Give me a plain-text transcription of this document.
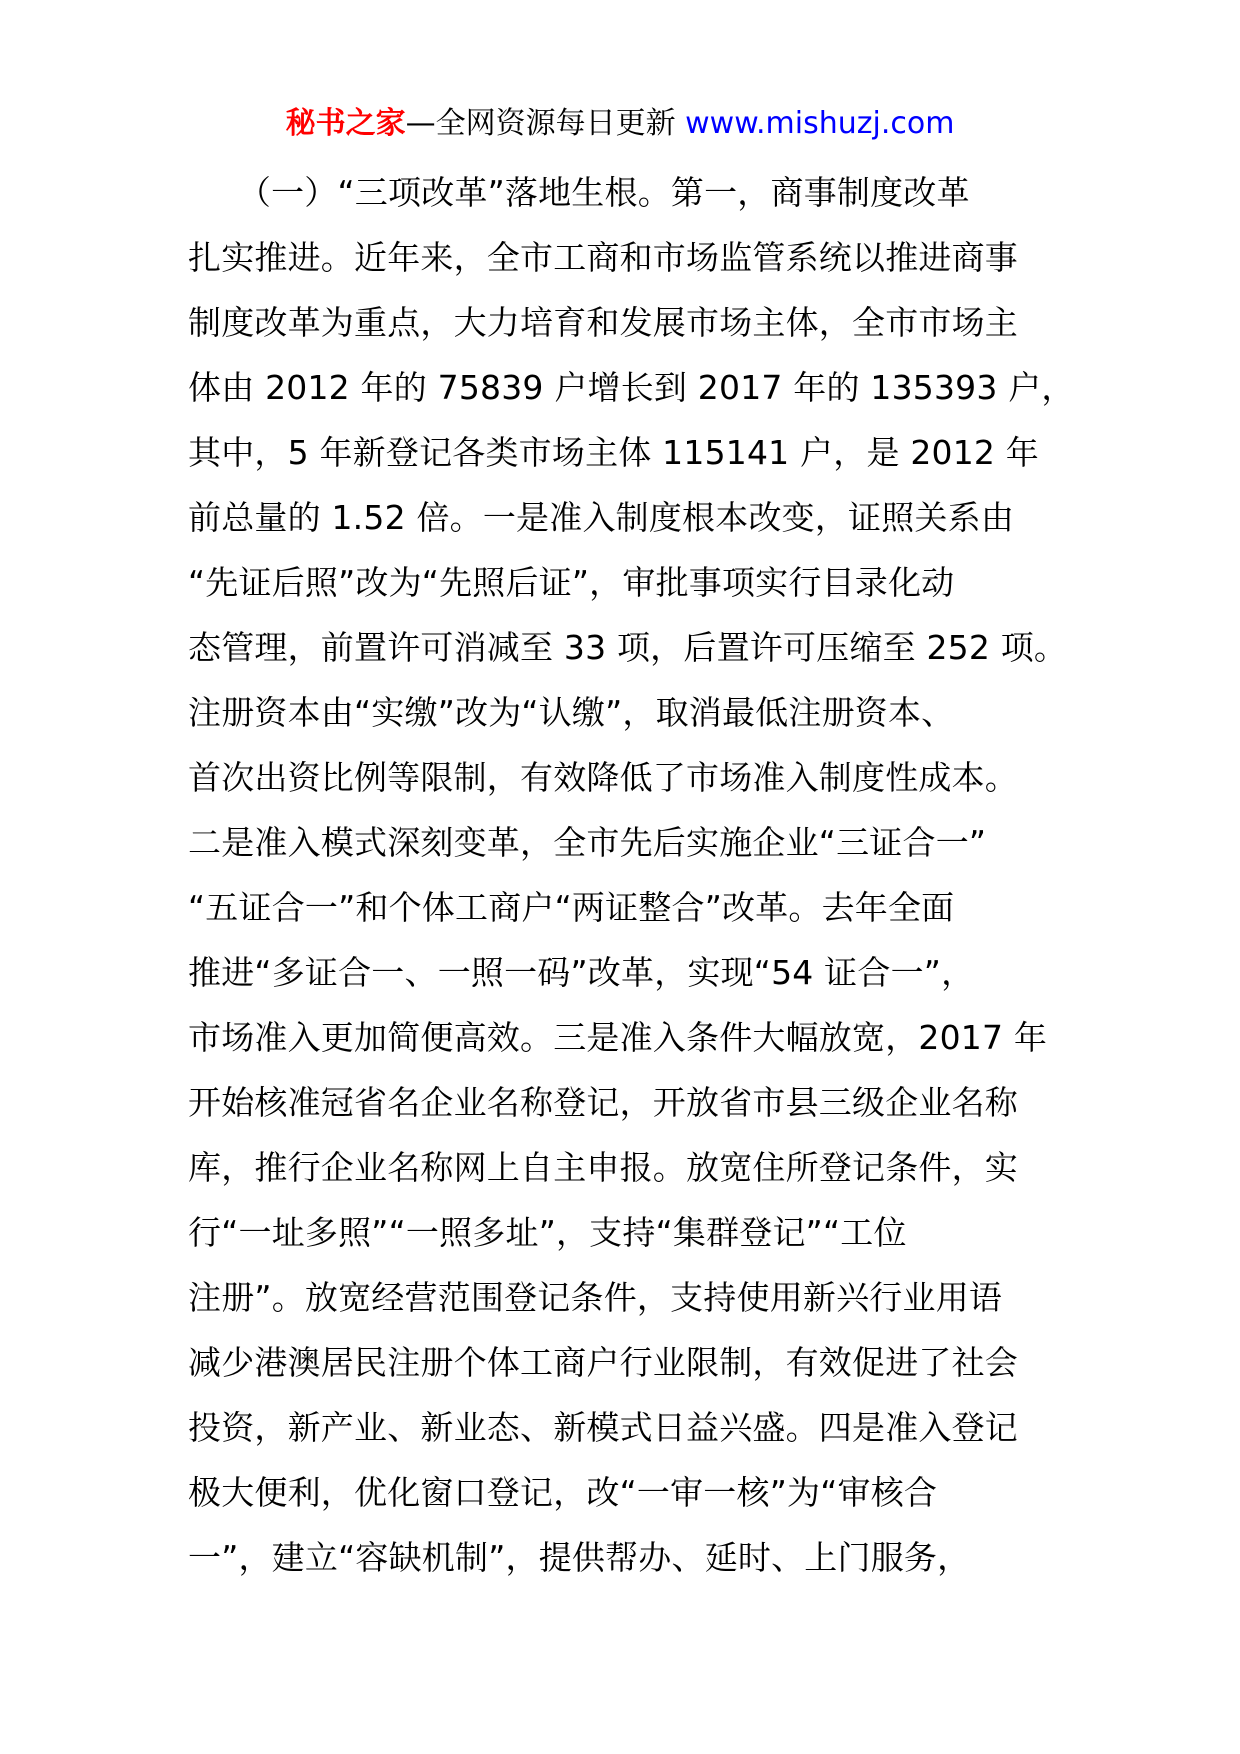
秘书之家—全网资源每日更新 www.mishuzj.com
　　（一）“三项改革”落地生根。第一，商事制度改革
扎实推进。近年来，全市工商和市场监管系统以推进商事
制度改革为重点，大力培育和发展市场主体，全市市场主
体由 2012 年的 75839 户增长到 2017 年的 135393 户，
其中，5 年新登记各类市场主体 115141 户，是 2012 年
前总量的 1.52 倍。一是准入制度根本改变，证照关系由
“先证后照”改为“先照后证”，审批事项实行目录化动
态管理，前置许可消减至 33 项，后置许可压缩至 252 项。
注册资本由“实缴”改为“认缴”，取消最低注册资本、
首次出资比例等限制，有效降低了市场准入制度性成本。
二是准入模式深刻变革，全市先后实施企业“三证合一”
“五证合一”和个体工商户“两证整合”改革。去年全面
推进“多证合一、一照一码”改革，实现“54 证合一”，
市场准入更加简便高效。三是准入条件大幅放宽，2017 年
开始核准冠省名企业名称登记，开放省市县三级企业名称
库，推行企业名称网上自主申报。放宽住所登记条件，实
行“一址多照”“一照多址”，支持“集群登记”“工位
注册”。放宽经营范围登记条件，支持使用新兴行业用语
减少港澳居民注册个体工商户行业限制，有效促进了社会
投资，新产业、新业态、新模式日益兴盛。四是准入登记
极大便利，优化窗口登记，改“一审一核”为“审核合
一”，建立“容缺机制”，提供帮办、延时、上门服务，
